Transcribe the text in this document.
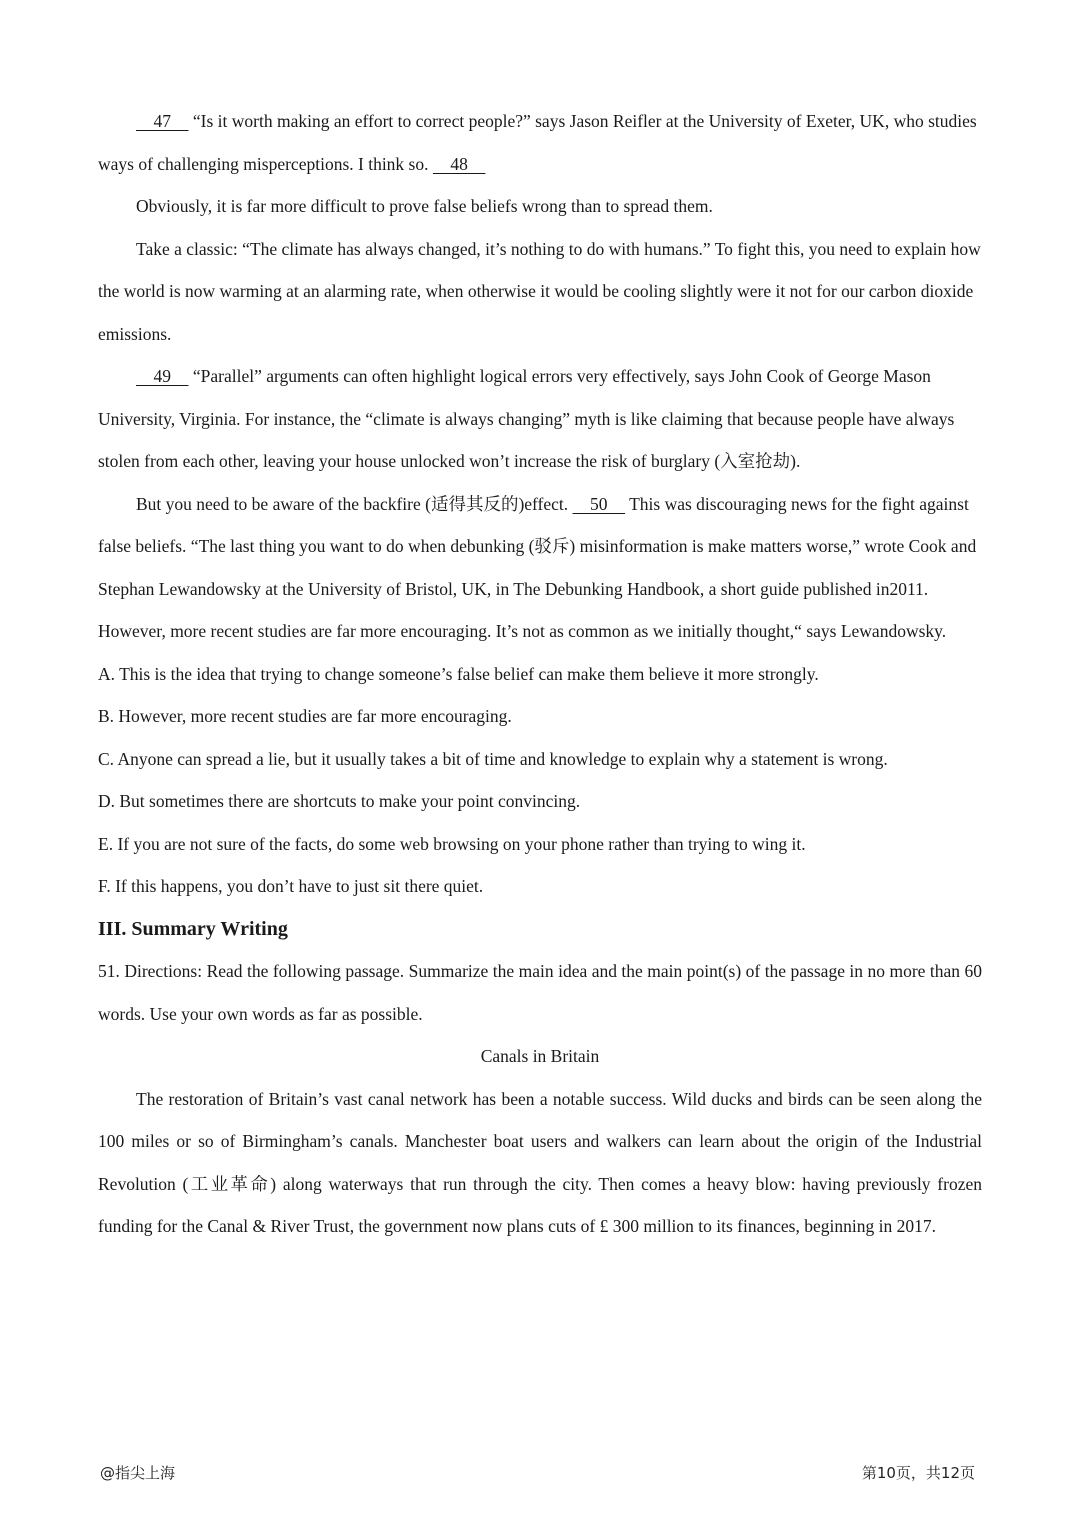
47     “Is it worth making an effort to correct people?” says Jason Reifler at the University of Exeter, UK, who studies ways of challenging misperceptions. I think so.     48

Obviously, it is far more difficult to prove false beliefs wrong than to spread them.

Take a classic: “The climate has always changed, it’s nothing to do with humans.” To fight this, you need to explain how the world is now warming at an alarming rate, when otherwise it would be cooling slightly were it not for our carbon dioxide emissions.

49     “Parallel” arguments can often highlight logical errors very effectively, says John Cook of George Mason University, Virginia. For instance, the “climate is always changing” myth is like claiming that because people have always stolen from each other, leaving your house unlocked won’t increase the risk of burglary (入室抢劫).

But you need to be aware of the backfire (适得其反的)effect.     50     This was discouraging news for the fight against false beliefs. “The last thing you want to do when debunking (驳斥) misinformation is make matters worse,” wrote Cook and Stephan Lewandowsky at the University of Bristol, UK, in The Debunking Handbook, a short guide published in2011. However, more recent studies are far more encouraging. It’s not as common as we initially thought,“ says Lewandowsky.

A. This is the idea that trying to change someone’s false belief can make them believe it more strongly.

B. However, more recent studies are far more encouraging.

C. Anyone can spread a lie, but it usually takes a bit of time and knowledge to explain why a statement is wrong.

D. But sometimes there are shortcuts to make your point convincing.

E. If you are not sure of the facts, do some web browsing on your phone rather than trying to wing it.

F. If this happens, you don’t have to just sit there quiet.

III. Summary Writing

51. Directions: Read the following passage. Summarize the main idea and the main point(s) of the passage in no more than 60 words. Use your own words as far as possible.

Canals in Britain

The restoration of Britain’s vast canal network has been a notable success. Wild ducks and birds can be seen along the 100 miles or so of Birmingham’s canals. Manchester boat users and walkers can learn about the origin of the Industrial Revolution (工业革命) along waterways that run through the city. Then comes a heavy blow: having previously frozen funding for the Canal & River Trust, the government now plans cuts of £ 300 million to its finances, beginning in 2017.

@指尖上海	第10页，共12页
